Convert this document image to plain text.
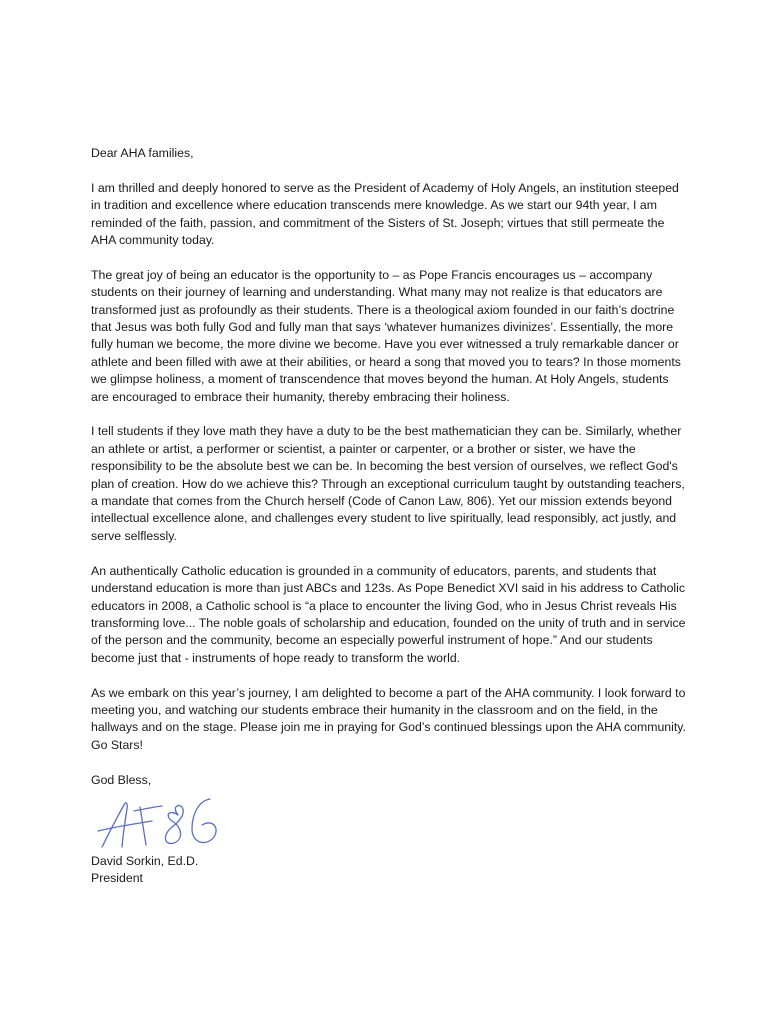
Dear AHA families,

I am thrilled and deeply honored to serve as the President of Academy of Holy Angels, an institution steeped in tradition and excellence where education transcends mere knowledge. As we start our 94th year, I am reminded of the faith, passion, and commitment of the Sisters of St. Joseph; virtues that still permeate the AHA community today.

The great joy of being an educator is the opportunity to – as Pope Francis encourages us – accompany students on their journey of learning and understanding. What many may not realize is that educators are transformed just as profoundly as their students. There is a theological axiom founded in our faith’s doctrine that Jesus was both fully God and fully man that says ‘whatever humanizes divinizes’. Essentially, the more fully human we become, the more divine we become. Have you ever witnessed a truly remarkable dancer or athlete and been filled with awe at their abilities, or heard a song that moved you to tears? In those moments we glimpse holiness, a moment of transcendence that moves beyond the human. At Holy Angels, students are encouraged to embrace their humanity, thereby embracing their holiness.

I tell students if they love math they have a duty to be the best mathematician they can be. Similarly, whether an athlete or artist, a performer or scientist, a painter or carpenter, or a brother or sister, we have the responsibility to be the absolute best we can be. In becoming the best version of ourselves, we reflect God's plan of creation. How do we achieve this? Through an exceptional curriculum taught by outstanding teachers, a mandate that comes from the Church herself (Code of Canon Law, 806). Yet our mission extends beyond intellectual excellence alone, and challenges every student to live spiritually, lead responsibly, act justly, and serve selflessly.

An authentically Catholic education is grounded in a community of educators, parents, and students that understand education is more than just ABCs and 123s. As Pope Benedict XVI said in his address to Catholic educators in 2008, a Catholic school is “a place to encounter the living God, who in Jesus Christ reveals His transforming love... The noble goals of scholarship and education, founded on the unity of truth and in service of the person and the community, become an especially powerful instrument of hope.” And our students become just that - instruments of hope ready to transform the world.

As we embark on this year’s journey, I am delighted to become a part of the AHA community. I look forward to meeting you, and watching our students embrace their humanity in the classroom and on the field, in the hallways and on the stage. Please join me in praying for God’s continued blessings upon the AHA community. Go Stars!

God Bless,

David Sorkin, Ed.D.

President
